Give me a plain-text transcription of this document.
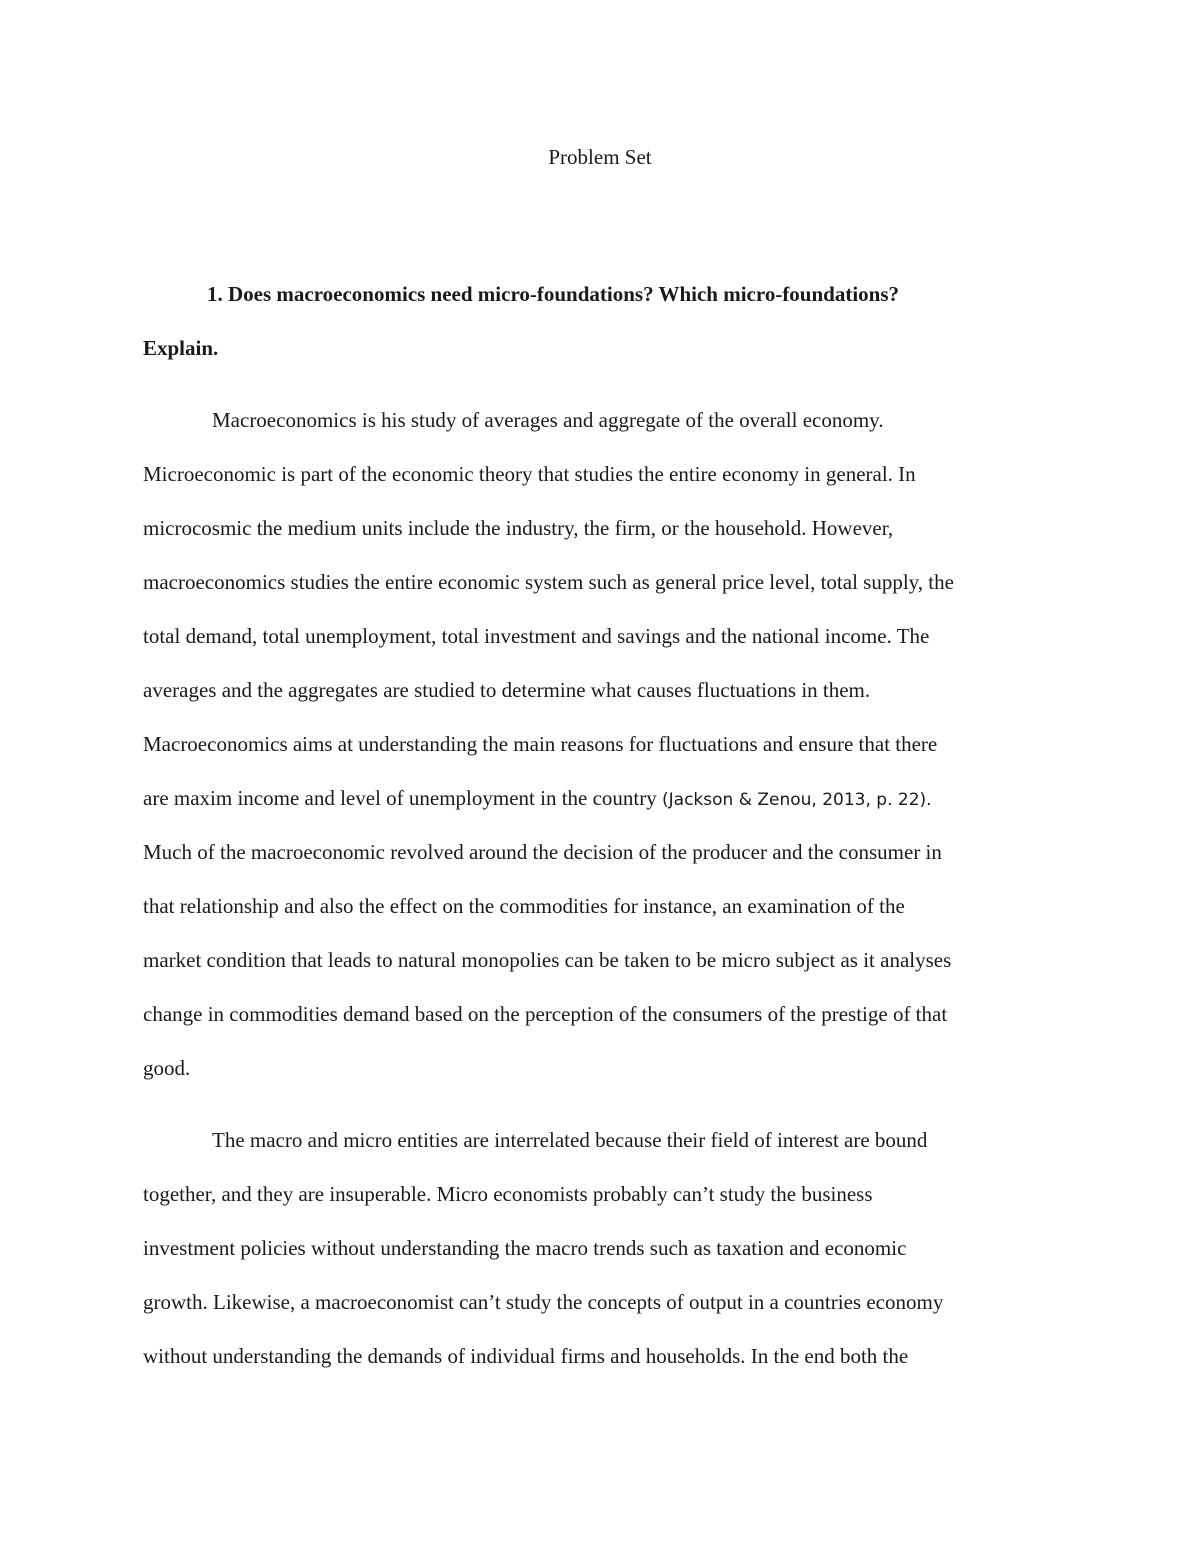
Problem Set
1. Does macroeconomics need micro-foundations? Which micro-foundations?
Explain.
Macroeconomics is his study of averages and aggregate of the overall economy.
Microeconomic is part of the economic theory that studies the entire economy in general. In
microcosmic the medium units include the industry, the firm, or the household. However,
macroeconomics studies the entire economic system such as general price level, total supply, the
total demand, total unemployment, total investment and savings and the national income. The
averages and the aggregates are studied to determine what causes fluctuations in them.
Macroeconomics aims at understanding the main reasons for fluctuations and ensure that there
are maxim income and level of unemployment in the country (Jackson & Zenou, 2013, p. 22).
Much of the macroeconomic revolved around the decision of the producer and the consumer in
that relationship and also the effect on the commodities for instance, an examination of the
market condition that leads to natural monopolies can be taken to be micro subject as it analyses
change in commodities demand based on the perception of the consumers of the prestige of that
good.
The macro and micro entities are interrelated because their field of interest are bound
together, and they are insuperable. Micro economists probably can’t study the business
investment policies without understanding the macro trends such as taxation and economic
growth. Likewise, a macroeconomist can’t study the concepts of output in a countries economy
without understanding the demands of individual firms and households. In the end both the
